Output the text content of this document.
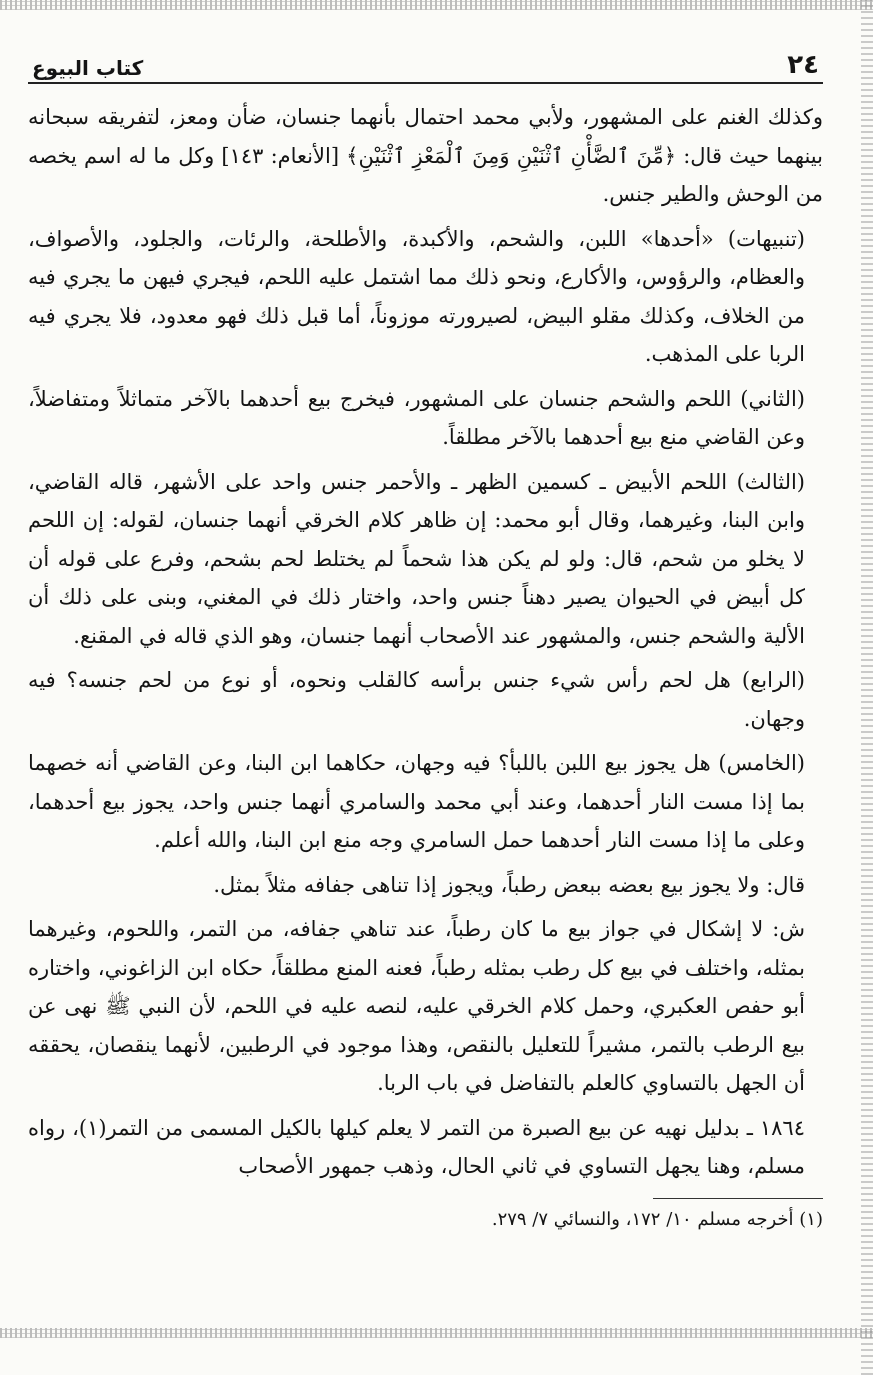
٢٤
كتاب البيوع

وكذلك الغنم على المشهور، ولأبي محمد احتمال بأنهما جنسان، ضأن ومعز، لتفريقه سبحانه بينهما حيث قال: ﴿مِّنَ ٱلضَّأْنِ ٱثْنَيْنِ وَمِنَ ٱلْمَعْزِ ٱثْنَيْنِ﴾ [الأنعام: ١٤٣] وكل ما له اسم يخصه من الوحش والطير جنس.

(تنبيهات) «أحدها» اللبن، والشحم، والأكبدة، والأطلحة، والرئات، والجلود، والأصواف، والعظام، والرؤوس، والأكارع، ونحو ذلك مما اشتمل عليه اللحم، فيجري فيهن ما يجري فيه من الخلاف، وكذلك مقلو البيض، لصيرورته موزوناً، أما قبل ذلك فهو معدود، فلا يجري فيه الربا على المذهب.

(الثاني) اللحم والشحم جنسان على المشهور، فيخرج بيع أحدهما بالآخر متماثلاً ومتفاضلاً، وعن القاضي منع بيع أحدهما بالآخر مطلقاً.

(الثالث) اللحم الأبيض ـ كسمين الظهر ـ والأحمر جنس واحد على الأشهر، قاله القاضي، وابن البنا، وغيرهما، وقال أبو محمد: إن ظاهر كلام الخرقي أنهما جنسان، لقوله: إن اللحم لا يخلو من شحم، قال: ولو لم يكن هذا شحماً لم يختلط لحم بشحم، وفرع على قوله أن كل أبيض في الحيوان يصير دهناً جنس واحد، واختار ذلك في المغني، وبنى على ذلك أن الألية والشحم جنس، والمشهور عند الأصحاب أنهما جنسان، وهو الذي قاله في المقنع.

(الرابع) هل لحم رأس شيء جنس برأسه كالقلب ونحوه، أو نوع من لحم جنسه؟ فيه وجهان.

(الخامس) هل يجوز بيع اللبن باللبأ؟ فيه وجهان، حكاهما ابن البنا، وعن القاضي أنه خصهما بما إذا مست النار أحدهما، وعند أبي محمد والسامري أنهما جنس واحد، يجوز بيع أحدهما، وعلى ما إذا مست النار أحدهما حمل السامري وجه منع ابن البنا، والله أعلم.

قال: ولا يجوز بيع بعضه ببعض رطباً، ويجوز إذا تناهى جفافه مثلاً بمثل.

ش: لا إشكال في جواز بيع ما كان رطباً، عند تناهي جفافه، من التمر، واللحوم، وغيرهما بمثله، واختلف في بيع كل رطب بمثله رطباً، فعنه المنع مطلقاً، حكاه ابن الزاغوني، واختاره أبو حفص العكبري، وحمل كلام الخرقي عليه، لنصه عليه في اللحم، لأن النبي ﷺ نهى عن بيع الرطب بالتمر، مشيراً للتعليل بالنقص، وهذا موجود في الرطبين، لأنهما ينقصان، يحققه أن الجهل بالتساوي كالعلم بالتفاضل في باب الربا.

١٨٦٤ ـ بدليل نهيه عن بيع الصبرة من التمر لا يعلم كيلها بالكيل المسمى من التمر(١)، رواه مسلم، وهنا يجهل التساوي في ثاني الحال، وذهب جمهور الأصحاب

(١) أخرجه مسلم ١٠/ ١٧٢، والنسائي ٧/ ٢٧٩.
